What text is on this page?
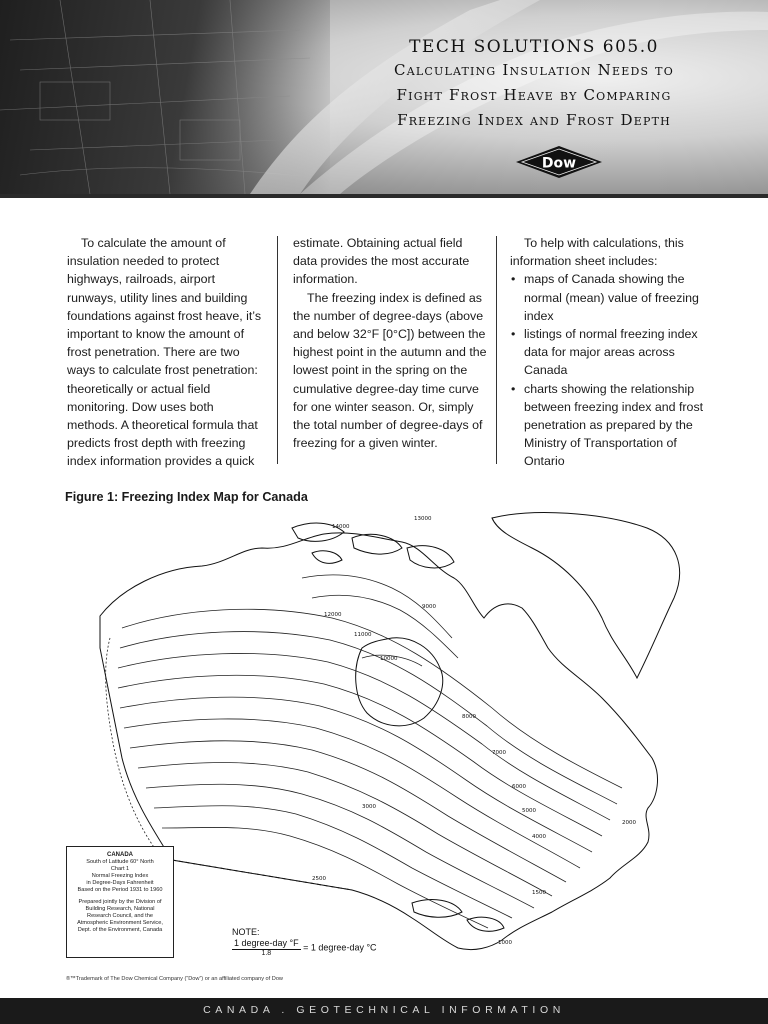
TECH SOLUTIONS 605.0
Calculating Insulation Needs to
Fight Frost Heave by Comparing
Freezing Index and Frost Depth
Dow

To calculate the amount of insulation needed to protect highways, railroads, airport runways, utility lines and building foundations against frost heave, it’s important to know the amount of frost penetration. There are two ways to calculate frost penetration: theoretically or actual field monitoring. Dow uses both methods. A theoretical formula that predicts frost depth with freezing index information provides a quick

estimate. Obtaining actual field data provides the most accurate information.

The freezing index is defined as the number of degree-days (above and below 32°F [0°C]) between the highest point in the autumn and the lowest point in the spring on the cumulative degree-day time curve for one winter season. Or, simply the total number of degree-days of freezing for a given winter.

To help with calculations, this information sheet includes:

• maps of Canada showing the normal (mean) value of freezing index
• listings of normal freezing index data for major areas across Canada
• charts showing the relationship between freezing index and frost penetration as prepared by the Ministry of Transportation of Ontario
Figure 1: Freezing Index Map for Canada
12000
11000
10000
9000
8000
7000
6000
5000
4000
3000
2500
2000
1500
1000
14000
13000
CANADA
South of Latitude 60° North
Chart 1
Normal Freezing Index
in Degree-Days Fahrenheit
Based on the Period 1931 to 1960
Prepared jointly by the Division of
Building Research, National
Research Council, and the
Atmospheric Environment Service,
Dept. of the Environment, Canada	NOTE:
$\frac{\text{1 degree-day °F}}{1.8} = 1$ degree-day °C
®™Trademark of The Dow Chemical Company (“Dow”) or an affiliated company of Dow
CANADA . GEOTECHNICAL INFORMATION
